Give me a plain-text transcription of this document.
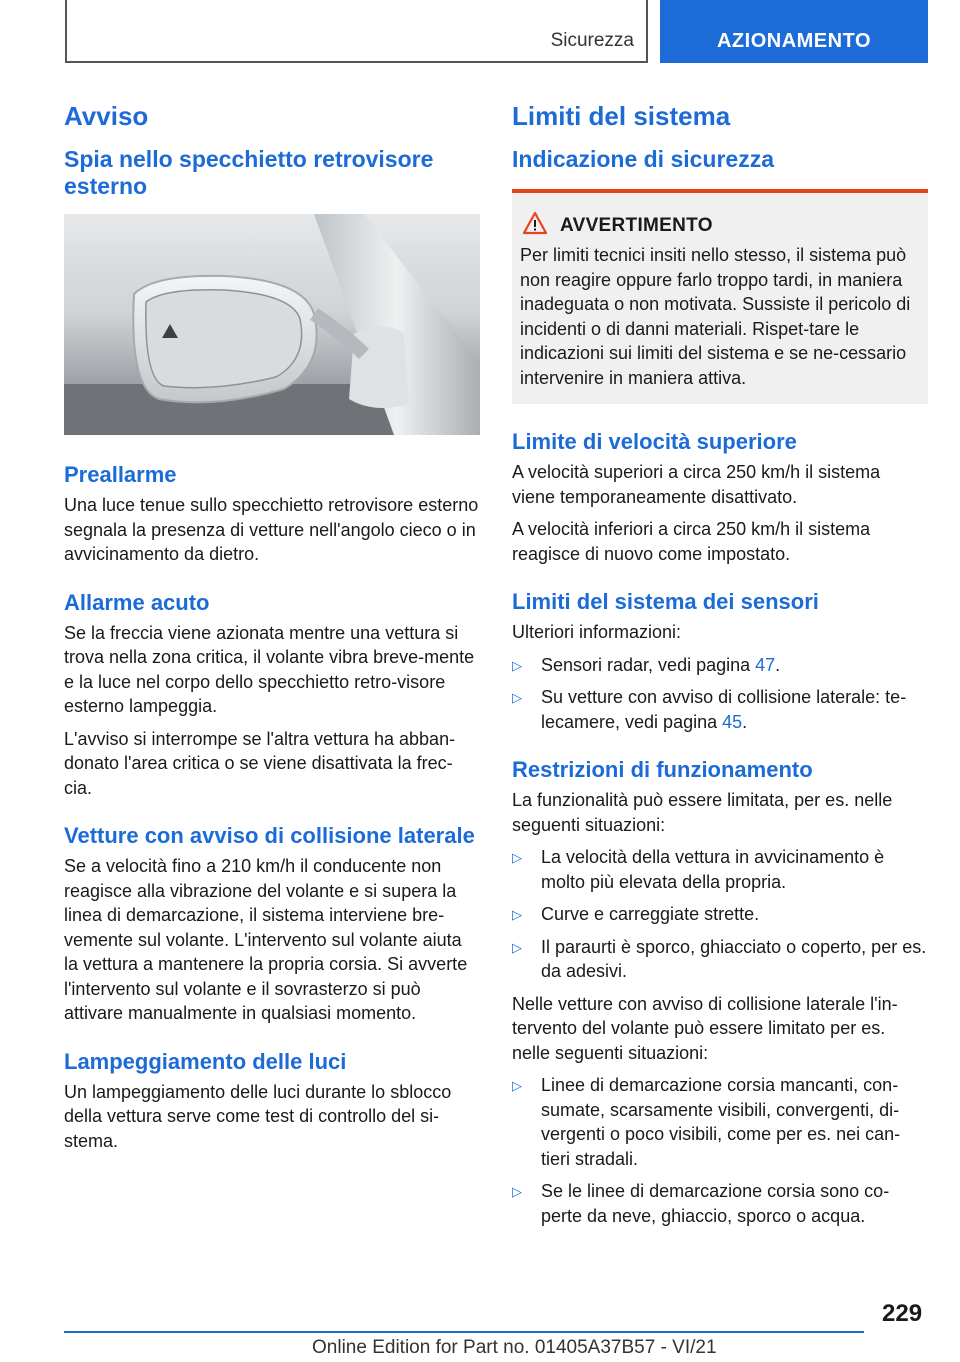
Sicurezza	AZIONAMENTO
Avviso
Spia nello specchietto retrovisore esterno
Preallarme

Una luce tenue sullo specchietto retrovisore esterno segnala la presenza di vetture nell'angolo cieco o in avvicinamento da dietro.

Allarme acuto

Se la freccia viene azionata mentre una vettura si trova nella zona critica, il volante vibra breve-mente e la luce nel corpo dello specchietto retro-visore esterno lampeggia.

L'avviso si interrompe se l'altra vettura ha abban-donato l'area critica o se viene disattivata la frec-cia.

Vetture con avviso di collisione laterale

Se a velocità fino a 210 km/h il conducente non reagisce alla vibrazione del volante e si supera la linea di demarcazione, il sistema interviene bre-vemente sul volante. L'intervento sul volante aiuta la vettura a mantenere la propria corsia. Si avverte l'intervento sul volante e il sovrasterzo si può attivare manualmente in qualsiasi momento.

Lampeggiamento delle luci

Un lampeggiamento delle luci durante lo sblocco della vettura serve come test di controllo del si-stema.

Limiti del sistema
Indicazione di sicurezza
AVVERTIMENTO

Per limiti tecnici insiti nello stesso, il sistema può non reagire oppure farlo troppo tardi, in maniera inadeguata o non motivata. Sussiste il pericolo di incidenti o di danni materiali. Rispet-tare le indicazioni sui limiti del sistema e se ne-cessario intervenire in maniera attiva.

Limite di velocità superiore

A velocità superiori a circa 250 km/h il sistema viene temporaneamente disattivato.

A velocità inferiori a circa 250 km/h il sistema reagisce di nuovo come impostato.

Limiti del sistema dei sensori

Ulteriori informazioni:

▷ Sensori radar, vedi pagina 47.
▷ Su vetture con avviso di collisione laterale: te-lecamere, vedi pagina 45.
Restrizioni di funzionamento

La funzionalità può essere limitata, per es. nelle seguenti situazioni:

▷ La velocità della vettura in avvicinamento è molto più elevata della propria.
▷ Curve e carreggiate strette.
▷ Il paraurti è sporco, ghiacciato o coperto, per es. da adesivi.

Nelle vetture con avviso di collisione laterale l'in-tervento del volante può essere limitato per es. nelle seguenti situazioni:

▷ Linee di demarcazione corsia mancanti, con-sumate, scarsamente visibili, convergenti, di-vergenti o poco visibili, come per es. nei can-tieri stradali.
▷ Se le linee di demarcazione corsia sono co-perte da neve, ghiaccio, sporco o acqua.
229
Online Edition for Part no. 01405A37B57 - VI/21
